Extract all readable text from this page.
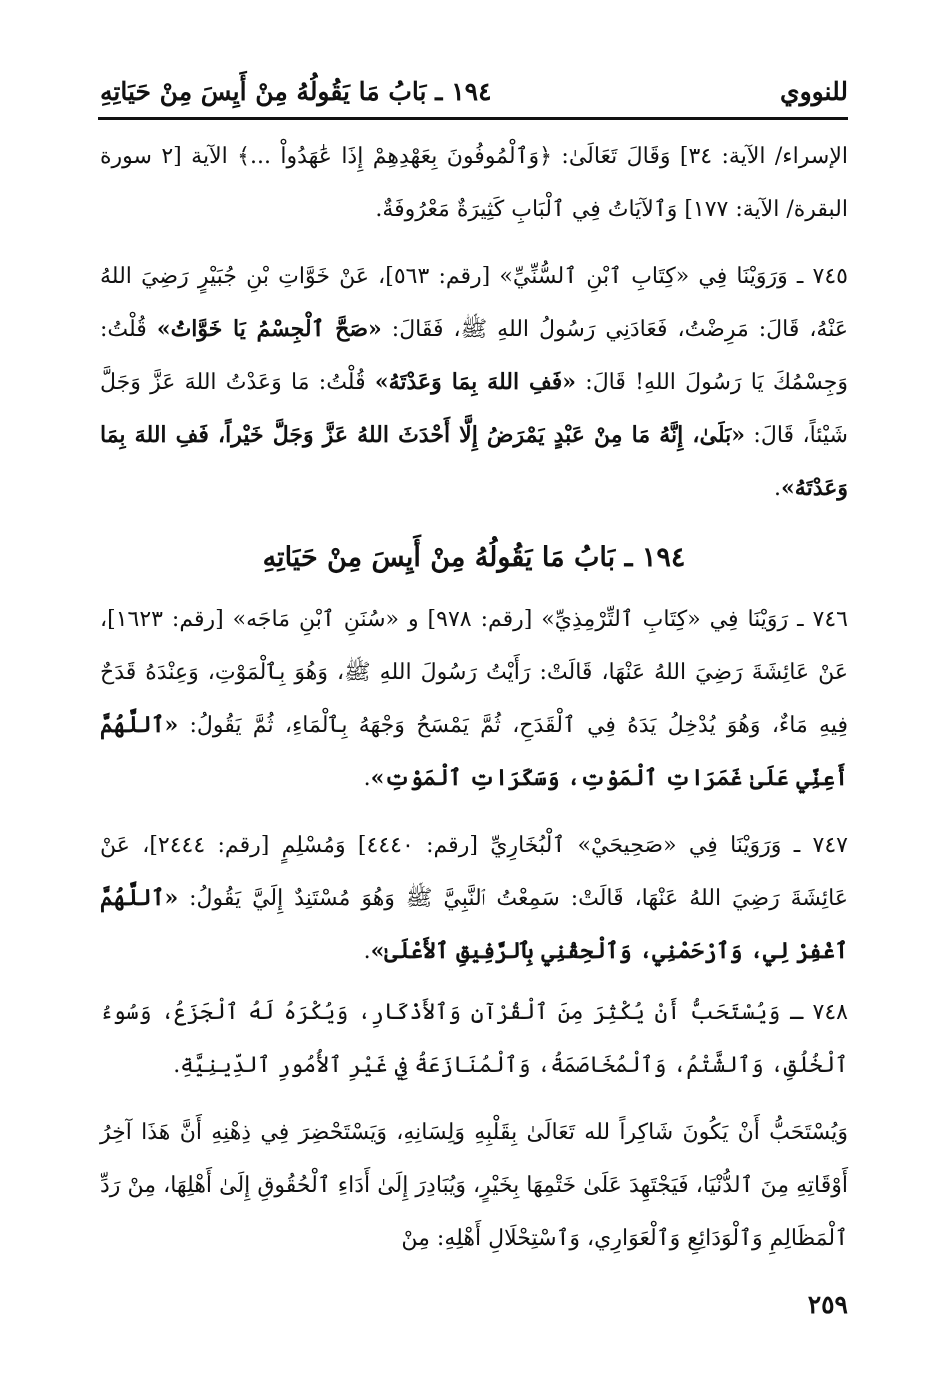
للنووي
١٩٤ ـ بَابُ مَا يَقُولُهُ مِنْ أَيِسَ مِنْ حَيَاتِهِ

الإسراء/ الآية: ٣٤] وَقَالَ تَعَالَىٰ: ﴿وَٱلْمُوفُونَ بِعَهْدِهِمْ إِذَا عَٰهَدُواْ ...﴾ الآية [٢ سورة البقرة/ الآية: ١٧٧] وَٱلآيَاتُ فِي ٱلْبَابِ كَثِيرَةٌ مَعْرُوفَةٌ.

٧٤٥ ـ وَرَوَيْنَا فِي «كِتَابِ ٱبْنِ ٱلسُّنِّيِّ» [رقم: ٥٦٣]، عَنْ خَوَّاتِ بْنِ جُبَيْرٍ رَضِيَ اللهُ عَنْهُ، قَالَ: مَرِضْتُ، فَعَادَنِي رَسُولُ اللهِ ﷺ، فَقَالَ: «صَحَّ ٱلْجِسْمُ يَا خَوَّاتُ» قُلْتُ: وَجِسْمُكَ يَا رَسُولَ اللهِ! قَالَ: «فَفِ اللهَ بِمَا وَعَدْتَهُ» قُلْتُ: مَا وَعَدْتُ اللهَ عَزَّ وَجَلَّ شَيْئاً، قَالَ: «بَلَىٰ، إِنَّهُ مَا مِنْ عَبْدٍ يَمْرَضُ إِلَّا أَحْدَثَ اللهُ عَزَّ وَجَلَّ خَيْراً، فَفِ اللهَ بِمَا وَعَدْتَهُ».

١٩٤ ـ بَابُ مَا يَقُولُهُ مِنْ أَيِسَ مِنْ حَيَاتِهِ

٧٤٦ ـ رَوَيْنَا فِي «كِتَابِ ٱلتِّرْمِذِيِّ» [رقم: ٩٧٨] و «سُنَنِ ٱبْنِ مَاجَه» [رقم: ١٦٢٣]، عَنْ عَائِشَةَ رَضِيَ اللهُ عَنْهَا، قَالَتْ: رَأَيْتُ رَسُولَ اللهِ ﷺ، وَهُوَ بِٱلْمَوْتِ، وَعِنْدَهُ قَدَحٌ فِيهِ مَاءٌ، وَهُوَ يُدْخِلُ يَدَهُ فِي ٱلْقَدَحِ، ثُمَّ يَمْسَحُ وَجْهَهُ بِٱلْمَاءِ، ثُمَّ يَقُولُ: «ٱللَّهُمَّ أَعِنِّي عَلَىٰ غَمَرَاتِ ٱلْمَوْتِ، وَسَكَرَاتِ ٱلْمَوْتِ».

٧٤٧ ـ وَرَوَيْنَا فِي «صَحِيحَيْ» ٱلْبُخَارِيِّ [رقم: ٤٤٤٠] وَمُسْلِمٍ [رقم: ٢٤٤٤]، عَنْ عَائِشَةَ رَضِيَ اللهُ عَنْهَا، قَالَتْ: سَمِعْتُ ٱلنَّبِيَّ ﷺ وَهُوَ مُسْتَنِدٌ إِلَيَّ يَقُولُ: «ٱللَّهُمَّ ٱغْفِرْ لِي، وَٱرْحَمْنِي، وَٱلْحِقْنِي بِٱلرَّفِيقِ ٱلأَعْلَىٰ».

٧٤٨ ـ وَيُسْتَحَبُّ أَنْ يُكْثِرَ مِنَ ٱلْقُرْآنِ وَٱلأَذْكَارِ، وَيُكْرَهُ لَهُ ٱلْجَزَعُ، وَسُوءُ ٱلْخُلُقِ، وَٱلشَّتْمُ، وَٱلْمُخَاصَمَةُ، وَٱلْمُنَازَعَةُ فِي غَيْرِ ٱلأُمُورِ ٱلدِّينِيَّةِ.

وَيُسْتَحَبُّ أَنْ يَكُونَ شَاكِراً لله تَعَالَىٰ بِقَلْبِهِ وَلِسَانِهِ، وَيَسْتَحْضِرَ فِي ذِهْنِهِ أَنَّ هَذَا آخِرُ أَوْقَاتِهِ مِنَ ٱلدُّنْيَا، فَيَجْتَهِدَ عَلَىٰ خَتْمِهَا بِخَيْرٍ، وَيُبَادِرَ إِلَىٰ أَدَاءِ ٱلْحُقُوقِ إِلَىٰ أَهْلِهَا، مِنْ رَدِّ ٱلْمَظَالِمِ وَٱلْوَدَائِعِ وَٱلْعَوَارِي، وَٱسْتِحْلَالِ أَهْلِهِ: مِنْ

٢٥٩
